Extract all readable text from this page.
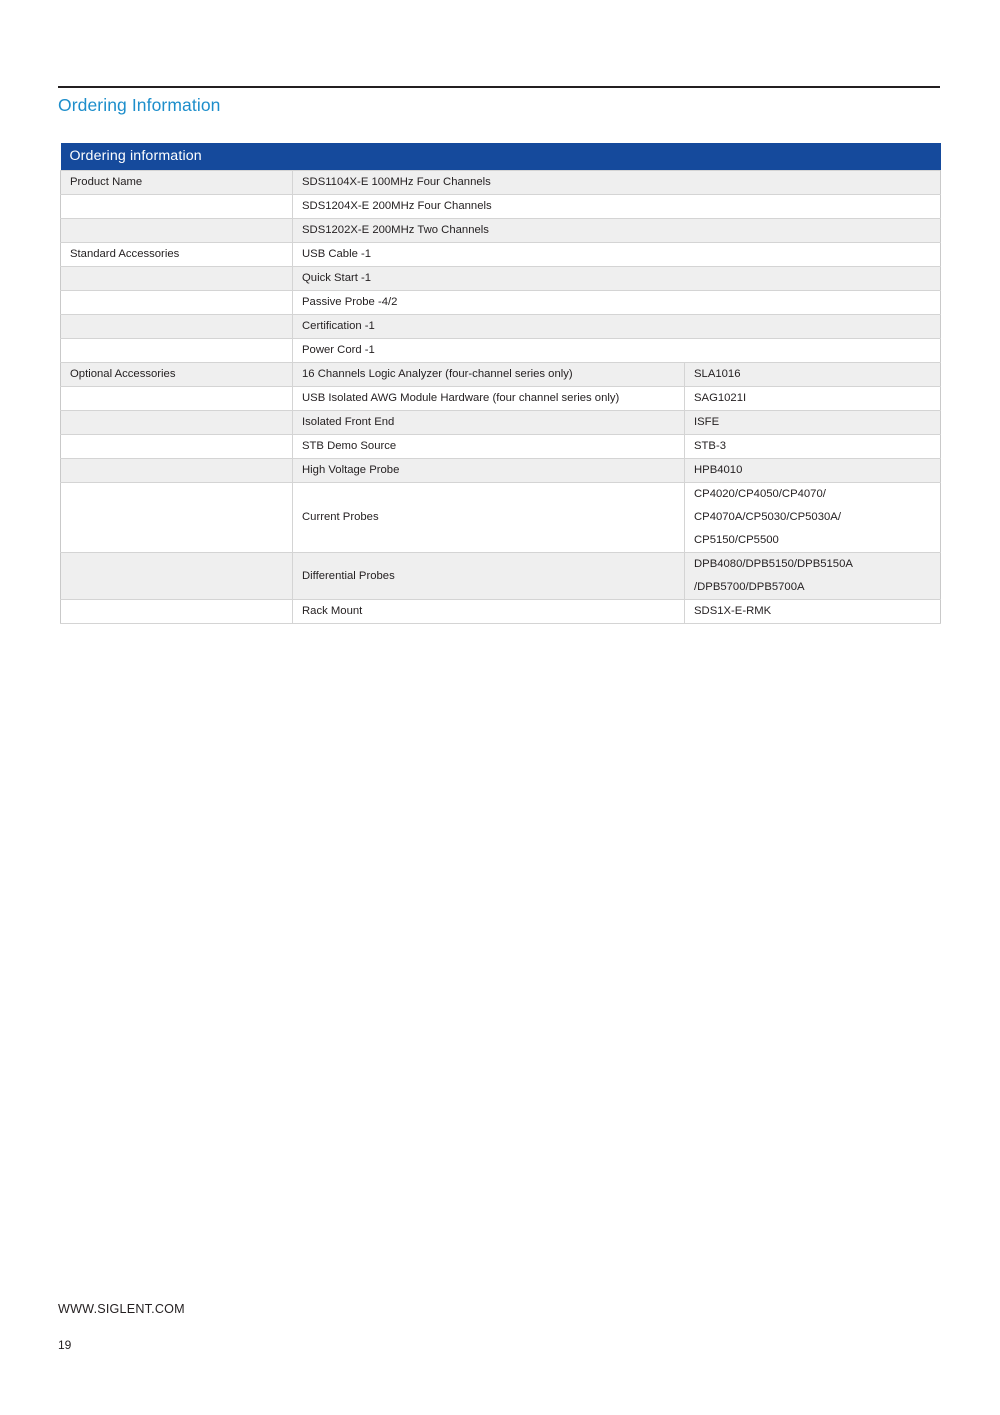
Ordering Information
Ordering information		
Product Name	SDS1104X-E 100MHz Four Channels	
	SDS1204X-E 200MHz Four Channels	
	SDS1202X-E 200MHz Two Channels	
Standard Accessories	USB Cable -1	
	Quick Start -1	
	Passive Probe -4/2	
	Certification -1	
	Power Cord -1	
Optional Accessories	16 Channels Logic Analyzer (four-channel series only)	SLA1016
	USB Isolated AWG Module Hardware (four channel series only)	SAG1021I
	Isolated Front End	ISFE
	STB Demo Source	STB-3
	High Voltage Probe	HPB4010
	Current Probes	CP4020/CP4050/CP4070/
CP4070A/CP5030/CP5030A/
CP5150/CP5500

	Differential Probes	DPB4080/DPB5150/DPB5150A
/DPB5700/DPB5700A

	Rack Mount	SDS1X-E-RMK
WWW.SIGLENT.COM
19
